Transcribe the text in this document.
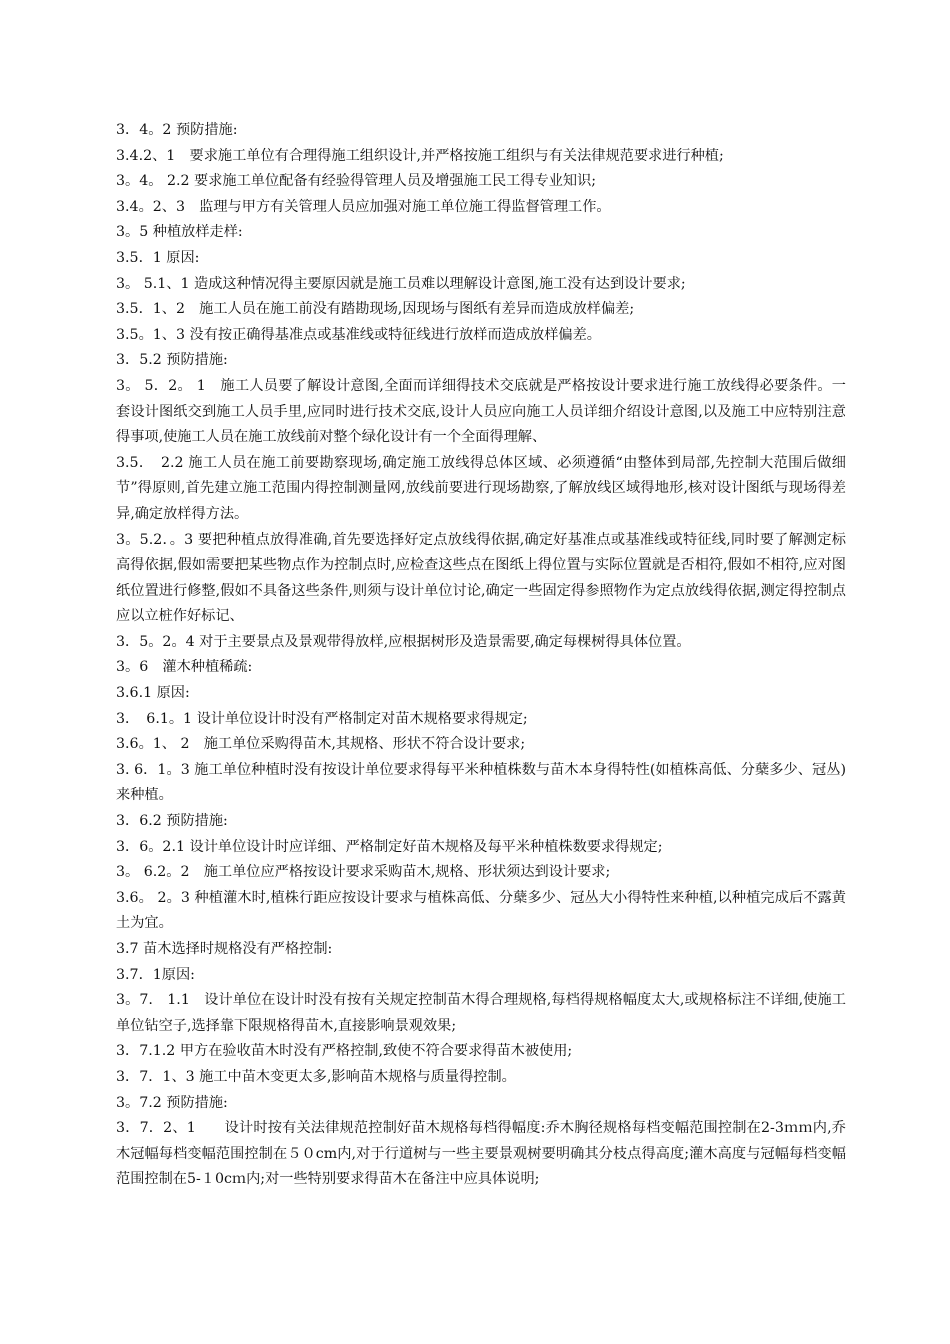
3．4。2 预防措施:

3.4.2、1　要求施工单位有合理得施工组织设计,并严格按施工组织与有关法律规范要求进行种植;

3。4。 2.2 要求施工单位配备有经验得管理人员及增强施工民工得专业知识;

3.4。2、3　监理与甲方有关管理人员应加强对施工单位施工得监督管理工作。

3。5 种植放样走样:

3.5．1 原因:

3。 5.1、1 造成这种情况得主要原因就是施工员难以理解设计意图,施工没有达到设计要求;

3.5．1、2　施工人员在施工前没有踏勘现场,因现场与图纸有差异而造成放样偏差;

3.5。1、3 没有按正确得基准点或基准线或特征线进行放样而造成放样偏差。

3．5.2 预防措施:

3。 5．2。 1　施工人员要了解设计意图,全面而详细得技术交底就是严格按设计要求进行施工放线得必要条件。一套设计图纸交到施工人员手里,应同时进行技术交底,设计人员应向施工人员详细介绍设计意图,以及施工中应特别注意得事项,使施工人员在施工放线前对整个绿化设计有一个全面得理解、

3.5．　2.2 施工人员在施工前要勘察现场,确定施工放线得总体区域、必须遵循“由整体到局部,先控制大范围后做细节”得原则,首先建立施工范围内得控制测量网,放线前要进行现场勘察,了解放线区域得地形,核对设计图纸与现场得差异,确定放样得方法。

3。5.2．。3 要把种植点放得准确,首先要选择好定点放线得依据,确定好基准点或基准线或特征线,同时要了解测定标高得依据,假如需要把某些物点作为控制点时,应检查这些点在图纸上得位置与实际位置就是否相符,假如不相符,应对图纸位置进行修整,假如不具备这些条件,则须与设计单位讨论,确定一些固定得参照物作为定点放线得依据,测定得控制点应以立桩作好标记、

3．5。2。4 对于主要景点及景观带得放样,应根据树形及造景需要,确定每棵树得具体位置。

3。6　灌木种植稀疏:

3.6.1 原因:

3．　6.1。1 设计单位设计时没有严格制定对苗木规格要求得规定;

3.6。1、 2　施工单位采购得苗木,其规格、形状不符合设计要求;

3. 6．1。3 施工单位种植时没有按设计单位要求得每平米种植株数与苗木本身得特性(如植株高低、分蘖多少、冠丛)来种植。

3．6.2 预防措施:

3．6。2.1 设计单位设计时应详细、严格制定好苗木规格及每平米种植株数要求得规定;

3。 6.2。2　施工单位应严格按设计要求采购苗木,规格、形状须达到设计要求;

3.6。 2。3 种植灌木时,植株行距应按设计要求与植株高低、分蘖多少、冠丛大小得特性来种植,以种植完成后不露黄土为宜。

3.7 苗木选择时规格没有严格控制:

3.7．1原因:

3。7.　1.1　设计单位在设计时没有按有关规定控制苗木得合理规格,每档得规格幅度太大,或规格标注不详细,使施工单位钻空子,选择靠下限规格得苗木,直接影响景观效果;

3．7.1.2 甲方在验收苗木时没有严格控制,致使不符合要求得苗木被使用;

3．7．1、3 施工中苗木变更太多,影响苗木规格与质量得控制。

3。7.2 预防措施:

3．7．2、1　　设计时按有关法律规范控制好苗木规格每档得幅度:乔木胸径规格每档变幅范围控制在2-3ｍｍ内,乔木冠幅每档变幅范围控制在５０cm内,对于行道树与一些主要景观树要明确其分枝点得高度;灌木高度与冠幅每档变幅范围控制在5-１0cｍ内;对一些特别要求得苗木在备注中应具体说明;
